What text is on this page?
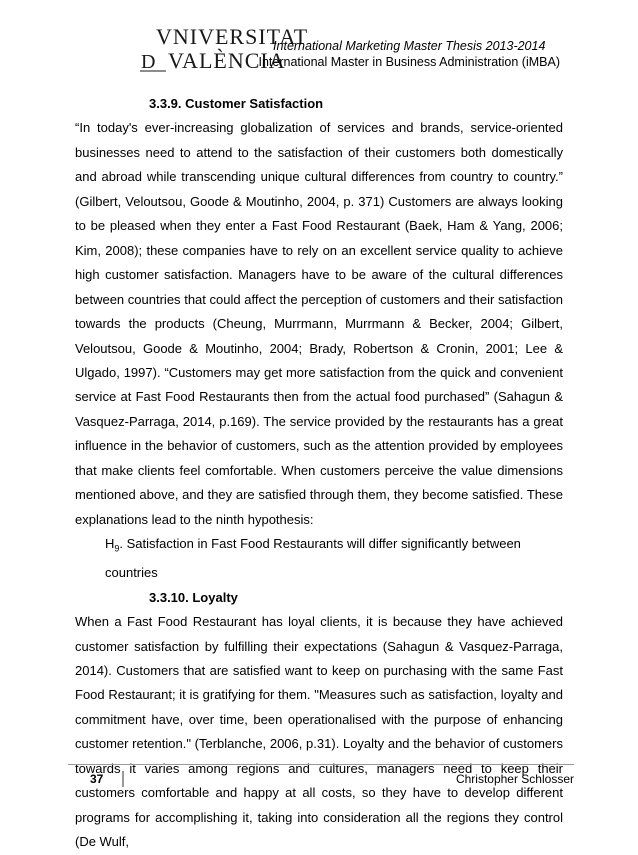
VNIVERSITAT
D VALÈNCIA
International Marketing Master Thesis 2013-2014
International Master in Business Administration (iMBA)
3.3.9. Customer Satisfaction
“In today's ever-increasing globalization of services and brands, service-oriented businesses need to attend to the satisfaction of their customers both domestically and abroad while transcending unique cultural differences from country to country.” (Gilbert, Veloutsou, Goode & Moutinho, 2004, p. 371) Customers are always looking to be pleased when they enter a Fast Food Restaurant (Baek, Ham & Yang, 2006; Kim, 2008); these companies have to rely on an excellent service quality to achieve high customer satisfaction. Managers have to be aware of the cultural differences between countries that could affect the perception of customers and their satisfaction towards the products (Cheung, Murrmann, Murrmann & Becker, 2004; Gilbert, Veloutsou, Goode & Moutinho, 2004; Brady, Robertson & Cronin, 2001; Lee & Ulgado, 1997). “Customers may get more satisfaction from the quick and convenient service at Fast Food Restaurants then from the actual food purchased” (Sahagun & Vasquez-Parraga, 2014, p.169). The service provided by the restaurants has a great influence in the behavior of customers, such as the attention provided by employees that make clients feel comfortable. When customers perceive the value dimensions mentioned above, and they are satisfied through them, they become satisfied. These explanations lead to the ninth hypothesis:
$H_9$. Satisfaction in Fast Food Restaurants will differ significantly between countries
3.3.10. Loyalty
When a Fast Food Restaurant has loyal clients, it is because they have achieved customer satisfaction by fulfilling their expectations (Sahagun & Vasquez-Parraga, 2014). Customers that are satisfied want to keep on purchasing with the same Fast Food Restaurant; it is gratifying for them. "Measures such as satisfaction, loyalty and commitment have, over time, been operationalised with the purpose of enhancing customer retention." (Terblanche, 2006, p.31). Loyalty and the behavior of customers towards it varies among regions and cultures, managers need to keep their customers comfortable and happy at all costs, so they have to develop different programs for accomplishing it, taking into consideration all the regions they control (De Wulf,
37	Christopher Schlosser
